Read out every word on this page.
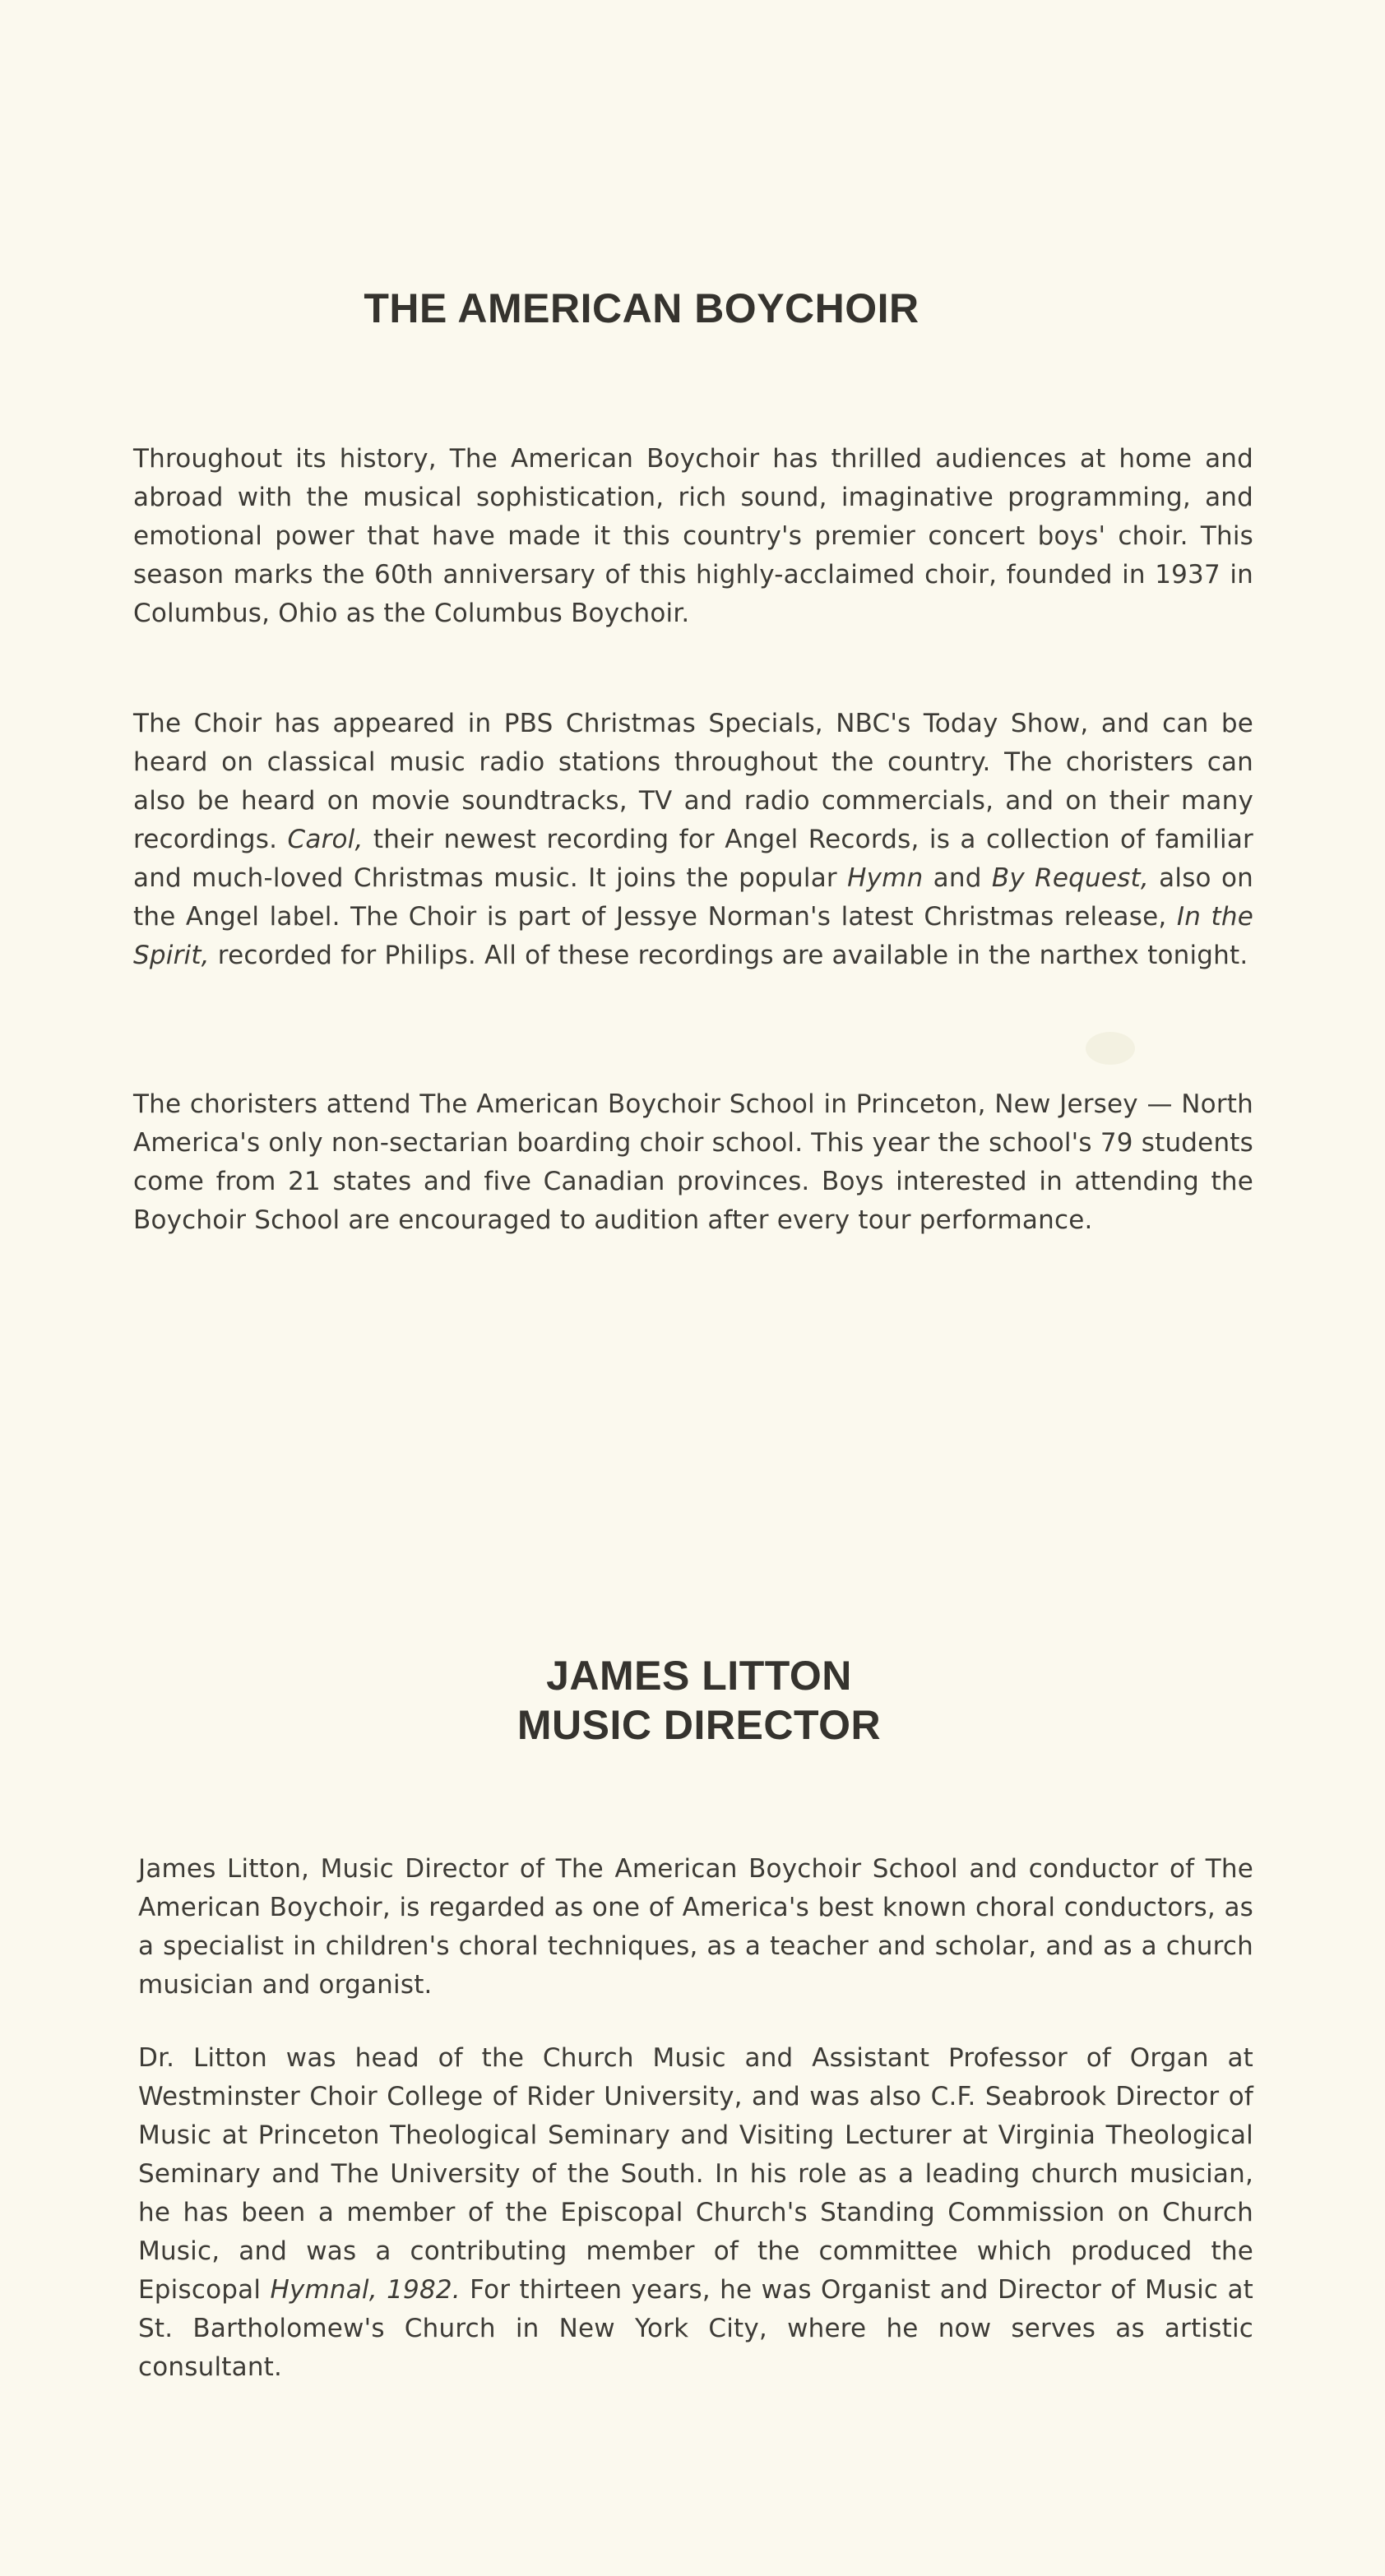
THE AMERICAN BOYCHOIR

Throughout its history, The American Boychoir has thrilled audiences at home and abroad with the musical sophistication, rich sound, imaginative programming, and emotional power that have made it this country's premier concert boys' choir. This season marks the 60th anniversary of this highly-acclaimed choir, founded in 1937 in Columbus, Ohio as the Columbus Boychoir.

The Choir has appeared in PBS Christmas Specials, NBC's Today Show, and can be heard on classical music radio stations throughout the country. The choristers can also be heard on movie soundtracks, TV and radio commercials, and on their many recordings. Carol, their newest recording for Angel Records, is a collection of familiar and much-loved Christmas music. It joins the popular Hymn and By Request, also on the Angel label. The Choir is part of Jessye Norman's latest Christmas release, In the Spirit, recorded for Philips. All of these recordings are available in the narthex tonight.

The choristers attend The American Boychoir School in Princeton, New Jersey — North America's only non-sectarian boarding choir school. This year the school's 79 students come from 21 states and five Canadian provinces. Boys interested in attending the Boychoir School are encouraged to audition after every tour performance.

JAMES LITTON
MUSIC DIRECTOR

James Litton, Music Director of The American Boychoir School and conductor of The American Boychoir, is regarded as one of America's best known choral conductors, as a specialist in children's choral techniques, as a teacher and scholar, and as a church musician and organist.

Dr. Litton was head of the Church Music and Assistant Professor of Organ at Westminster Choir College of Rider University, and was also C.F. Seabrook Director of Music at Princeton Theological Seminary and Visiting Lecturer at Virginia Theological Seminary and The University of the South. In his role as a leading church musician, he has been a member of the Episcopal Church's Standing Commission on Church Music, and was a contributing member of the committee which produced the Episcopal Hymnal, 1982. For thirteen years, he was Organist and Director of Music at St. Bartholomew's Church in New York City, where he now serves as artistic consultant.
